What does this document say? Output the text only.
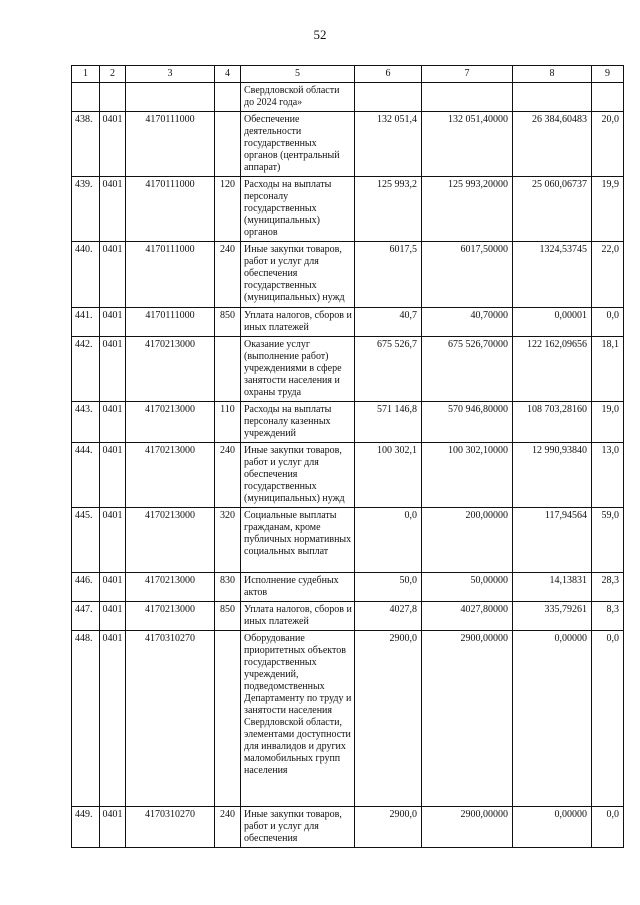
52
1	2	3	4	5	6	7	8	9
				Свердловской области до 2024 года»				
438.	0401	4170111000		Обеспечение деятельности государственных органов (центральный аппарат)	132 051,4	132 051,40000	26 384,60483	20,0
439.	0401	4170111000	120	Расходы на выплаты персоналу государственных (муниципальных) органов	125 993,2	125 993,20000	25 060,06737	19,9
440.	0401	4170111000	240	Иные закупки товаров, работ и услуг для обеспечения государственных (муниципальных) нужд	6017,5	6017,50000	1324,53745	22,0
441.	0401	4170111000	850	Уплата налогов, сборов и иных платежей	40,7	40,70000	0,00001	0,0
442.	0401	4170213000		Оказание услуг (выполнение работ) учреждениями в сфере занятости населения и охраны труда	675 526,7	675 526,70000	122 162,09656	18,1
443.	0401	4170213000	110	Расходы на выплаты персоналу казенных учреждений	571 146,8	570 946,80000	108 703,28160	19,0
444.	0401	4170213000	240	Иные закупки товаров, работ и услуг для обеспечения государственных (муниципальных) нужд	100 302,1	100 302,10000	12 990,93840	13,0
445.	0401	4170213000	320	Социальные выплаты гражданам, кроме публичных нормативных социальных выплат	0,0	200,00000	117,94564	59,0
446.	0401	4170213000	830	Исполнение судебных актов	50,0	50,00000	14,13831	28,3
447.	0401	4170213000	850	Уплата налогов, сборов и иных платежей	4027,8	4027,80000	335,79261	8,3
448.	0401	4170310270		Оборудование приоритетных объектов государственных учреждений, подведомственных Департаменту по труду и занятости населения Свердловской области, элементами доступности для инвалидов и других маломобильных групп населения	2900,0	2900,00000	0,00000	0,0
449.	0401	4170310270	240	Иные закупки товаров, работ и услуг для обеспечения	2900,0	2900,00000	0,00000	0,0
